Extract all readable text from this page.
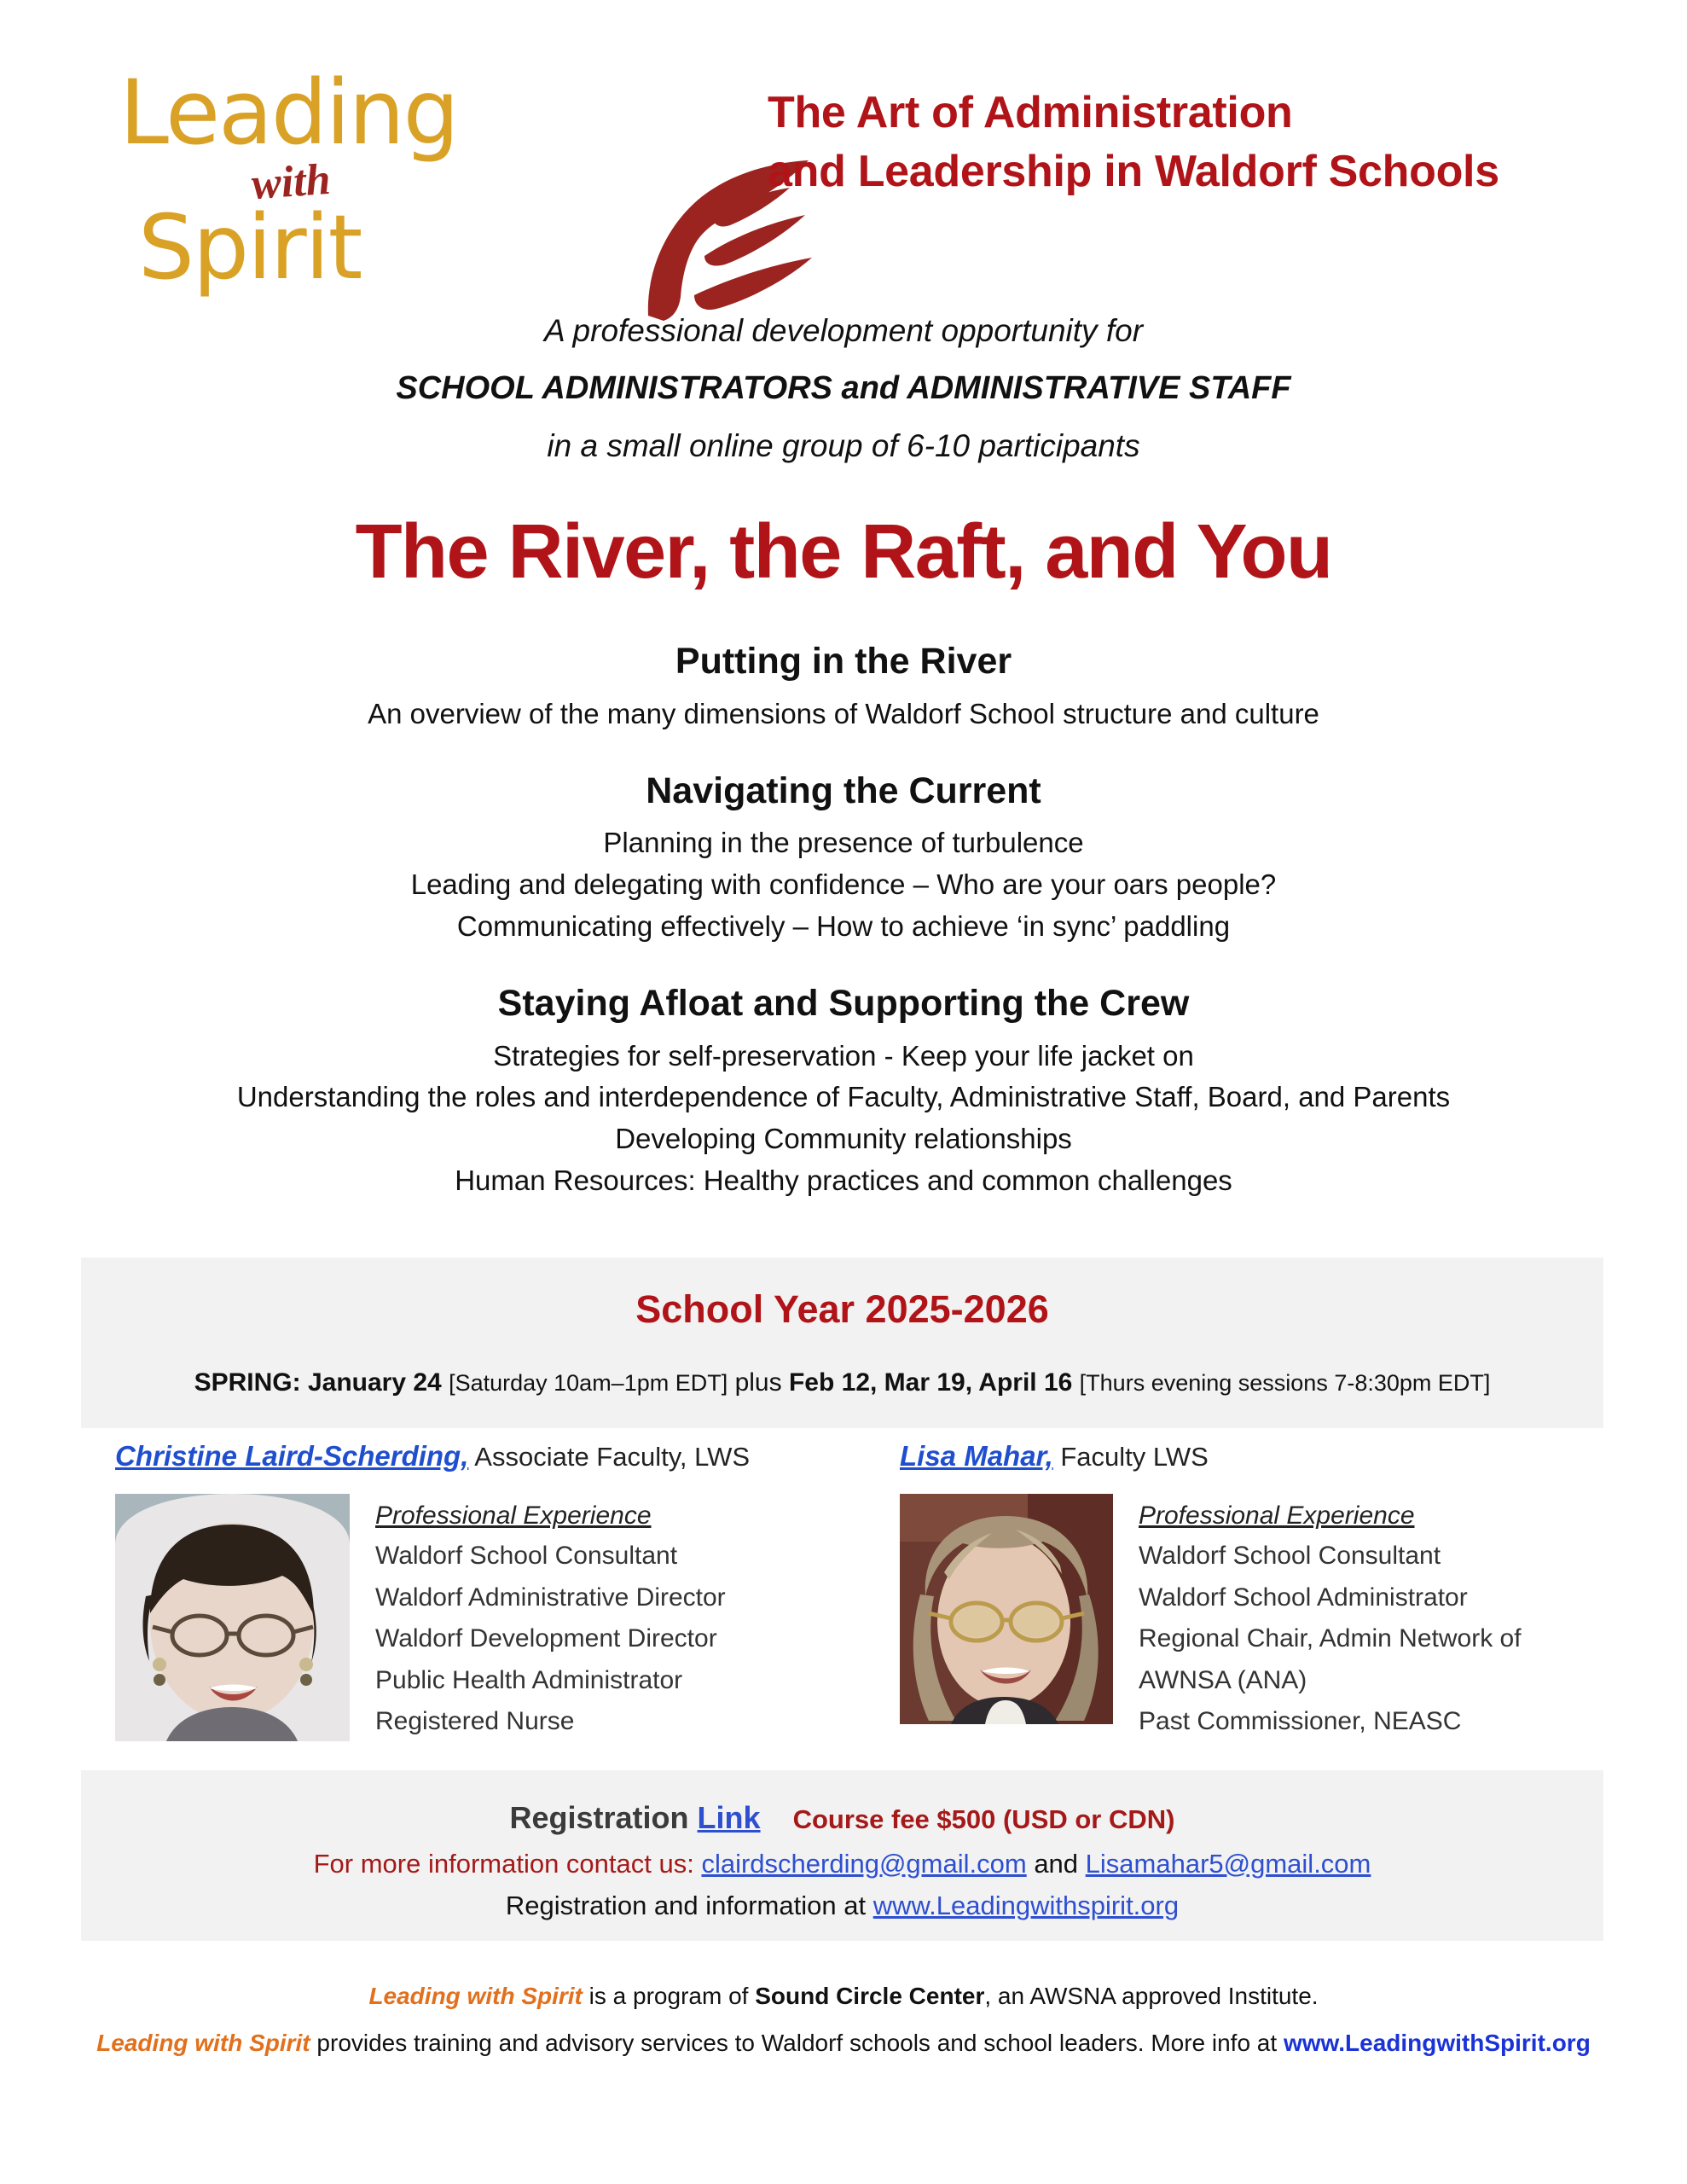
Leading
with
Spirit
The Art of Administration
and Leadership in Waldorf Schools
A professional development opportunity for
SCHOOL ADMINISTRATORS and ADMINISTRATIVE STAFF
in a small online group of 6-10 participants
The River, the Raft, and You
Putting in the River
An overview of the many dimensions of Waldorf School structure and culture
Navigating the Current
Planning in the presence of turbulence
Leading and delegating with confidence – Who are your oars people?
Communicating effectively – How to achieve ‘in sync’ paddling
Staying Afloat and Supporting the Crew
Strategies for self-preservation - Keep your life jacket on
Understanding the roles and interdependence of Faculty, Administrative Staff, Board, and Parents
Developing Community relationships
Human Resources: Healthy practices and common challenges
School Year 2025-2026
SPRING: January 24 [Saturday 10am–1pm EDT] plus Feb 12, Mar 19, April 16 [Thurs evening sessions 7-8:30pm EDT]
Christine Laird-Scherding, Associate Faculty, LWS
Professional Experience
Waldorf School Consultant
Waldorf Administrative Director
Waldorf Development Director
Public Health Administrator
Registered Nurse
Lisa Mahar, Faculty LWS
Professional Experience
Waldorf School Consultant
Waldorf School Administrator
Regional Chair, Admin Network of
AWNSA (ANA)
Past Commissioner, NEASC
Registration Link Course fee $500 (USD or CDN)
For more information contact us: clairdscherding@gmail.com and Lisamahar5@gmail.com
Registration and information at www.Leadingwithspirit.org
Leading with Spirit is a program of Sound Circle Center, an AWSNA approved Institute.
Leading with Spirit provides training and advisory services to Waldorf schools and school leaders. More info at www.LeadingwithSpirit.org
